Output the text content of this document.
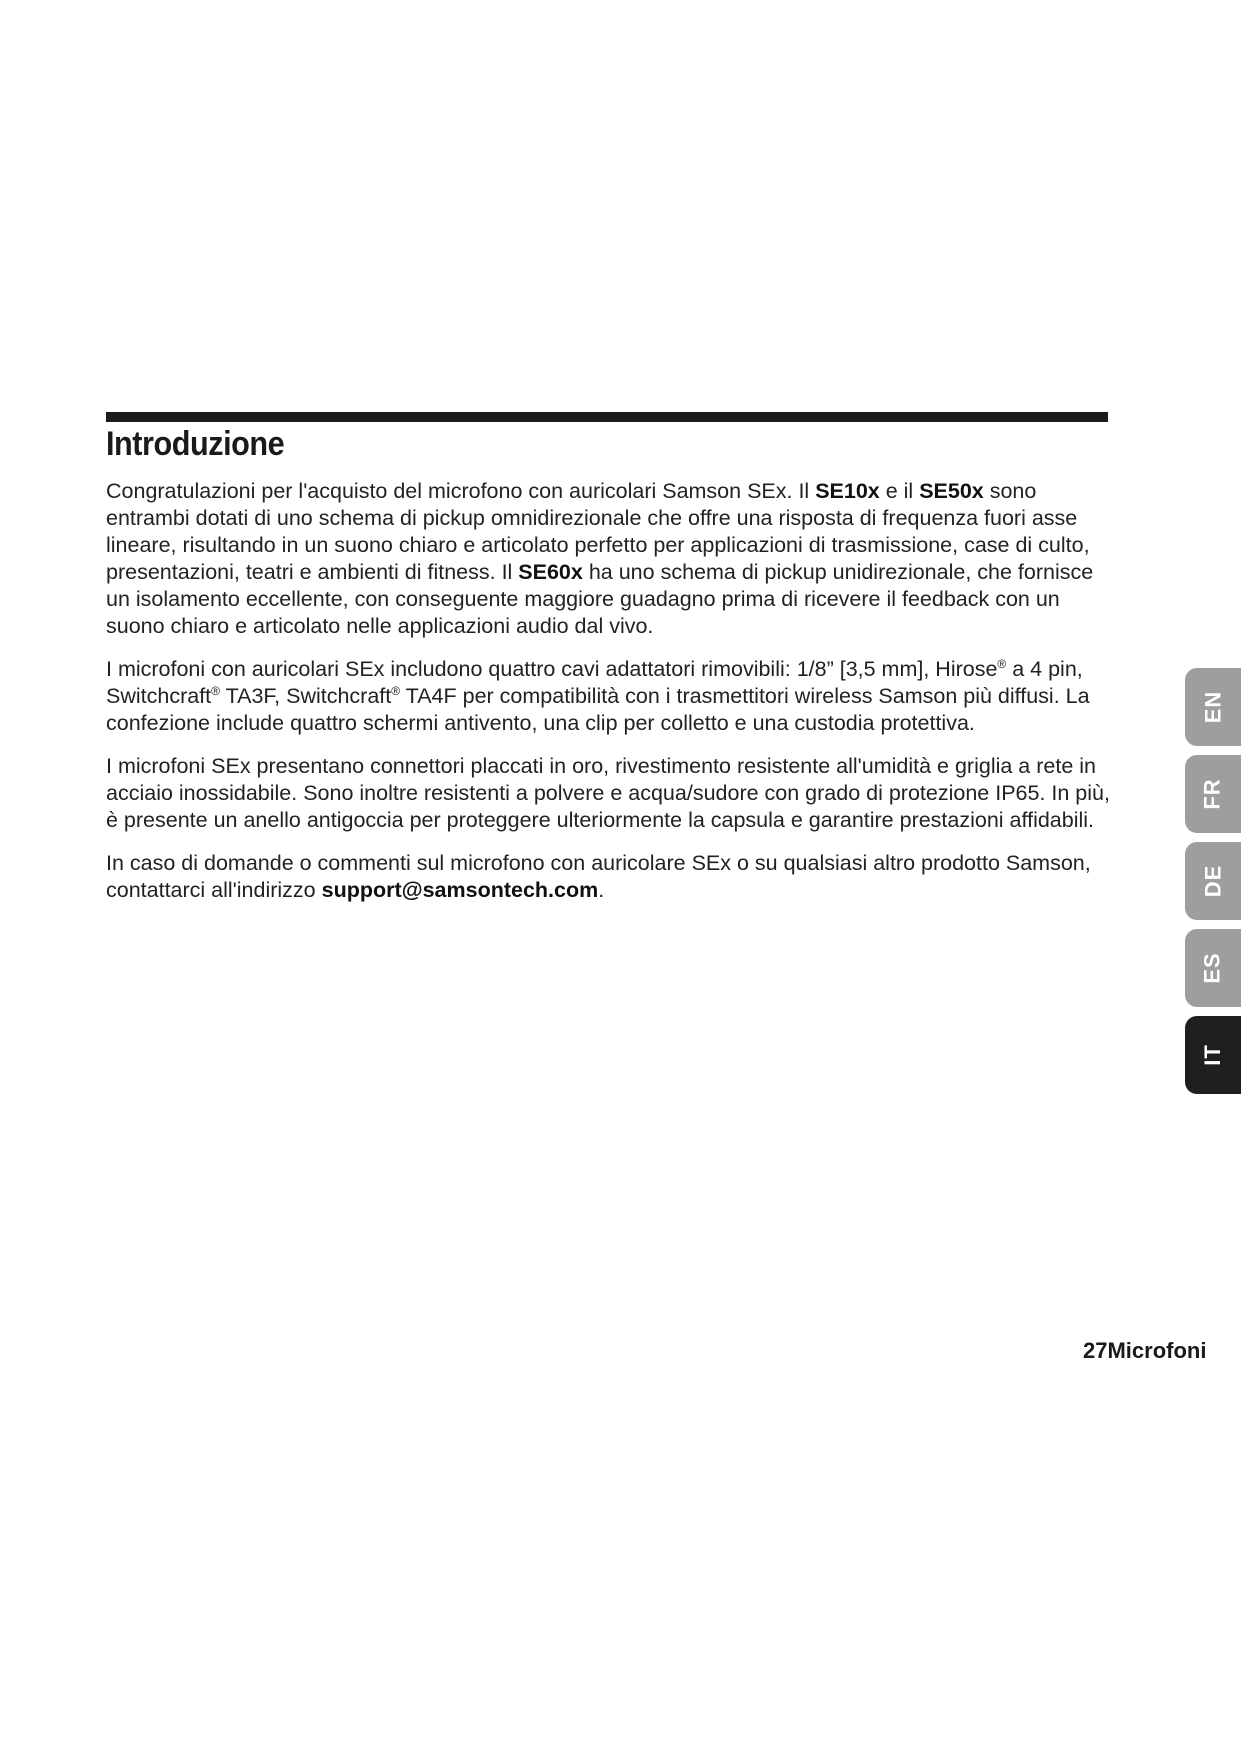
Introduzione

Congratulazioni per l'acquisto del microfono con auricolari Samson SEx. Il SE10x e il SE50x sono entrambi dotati di uno schema di pickup omnidirezionale che offre una risposta di frequenza fuori asse lineare, risultando in un suono chiaro e articolato perfetto per applicazioni di trasmissione, case di culto, presentazioni, teatri e ambienti di fitness. Il SE60x ha uno schema di pickup unidirezionale, che fornisce un isolamento eccellente, con conseguente maggiore guadagno prima di ricevere il feedback con un suono chiaro e articolato nelle applicazioni audio dal vivo.

I microfoni con auricolari SEx includono quattro cavi adattatori rimovibili: 1/8” [3,5 mm], Hirose® a 4 pin, Switchcraft® TA3F, Switchcraft® TA4F per compatibilità con i trasmettitori wireless Samson più diffusi. La confezione include quattro schermi antivento, una clip per colletto e una custodia protettiva.

I microfoni SEx presentano connettori placcati in oro, rivestimento resistente all'umidità e griglia a rete in acciaio inossidabile. Sono inoltre resistenti a polvere e acqua/sudore con grado di protezione IP65. In più, è presente un anello antigoccia per proteggere ulteriormente la capsula e garantire prestazioni affidabili.

In caso di domande o commenti sul microfono con auricolare SEx o su qualsiasi altro prodotto Samson, contattarci all'indirizzo support@samsontech.com.

EN
FR
DE
ES
IT
27Microfoni
